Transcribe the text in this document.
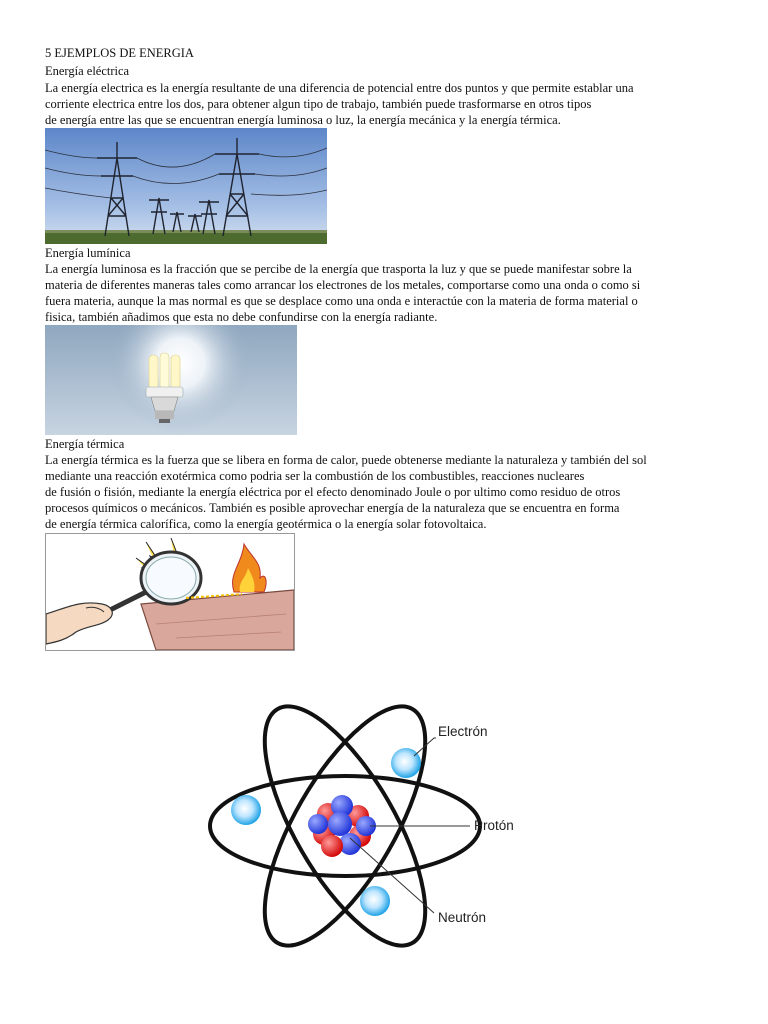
5 EJEMPLOS DE ENERGIA
Energía eléctrica
La energía electrica es la energía resultante de una diferencia de potencial entre dos puntos y que permite establar una
corriente electrica entre los dos, para obtener algun tipo de trabajo, también puede trasformarse en otros tipos
de energía entre las que se encuentran energía luminosa o luz, la energía mecánica y la energía térmica.
Energía lumínica
La energía luminosa es la fracción que se percibe de la energía que trasporta la luz y que se puede manifestar sobre la
materia de diferentes maneras tales como arrancar los electrones de los metales, comportarse como una onda o como si
fuera materia, aunque la mas normal es que se desplace como una onda e interactúe con la materia de forma material o
fisica, también añadimos que esta no debe confundirse con la energía radiante.
Energía térmica
La energía térmica es la fuerza que se libera en forma de calor, puede obtenerse mediante la naturaleza y también del sol
mediante una reacción exotérmica como podria ser la combustión de los combustibles, reacciones nucleares
de fusión o fisión, mediante la energía eléctrica por el efecto denominado Joule o por ultimo como residuo de otros
procesos químicos o mecánicos. También es posible aprovechar energía de la naturaleza que se encuentra en forma
de energía térmica calorífica, como la energía geotérmica o la energía solar fotovoltaica.
Electrón
Protón
Neutrón
